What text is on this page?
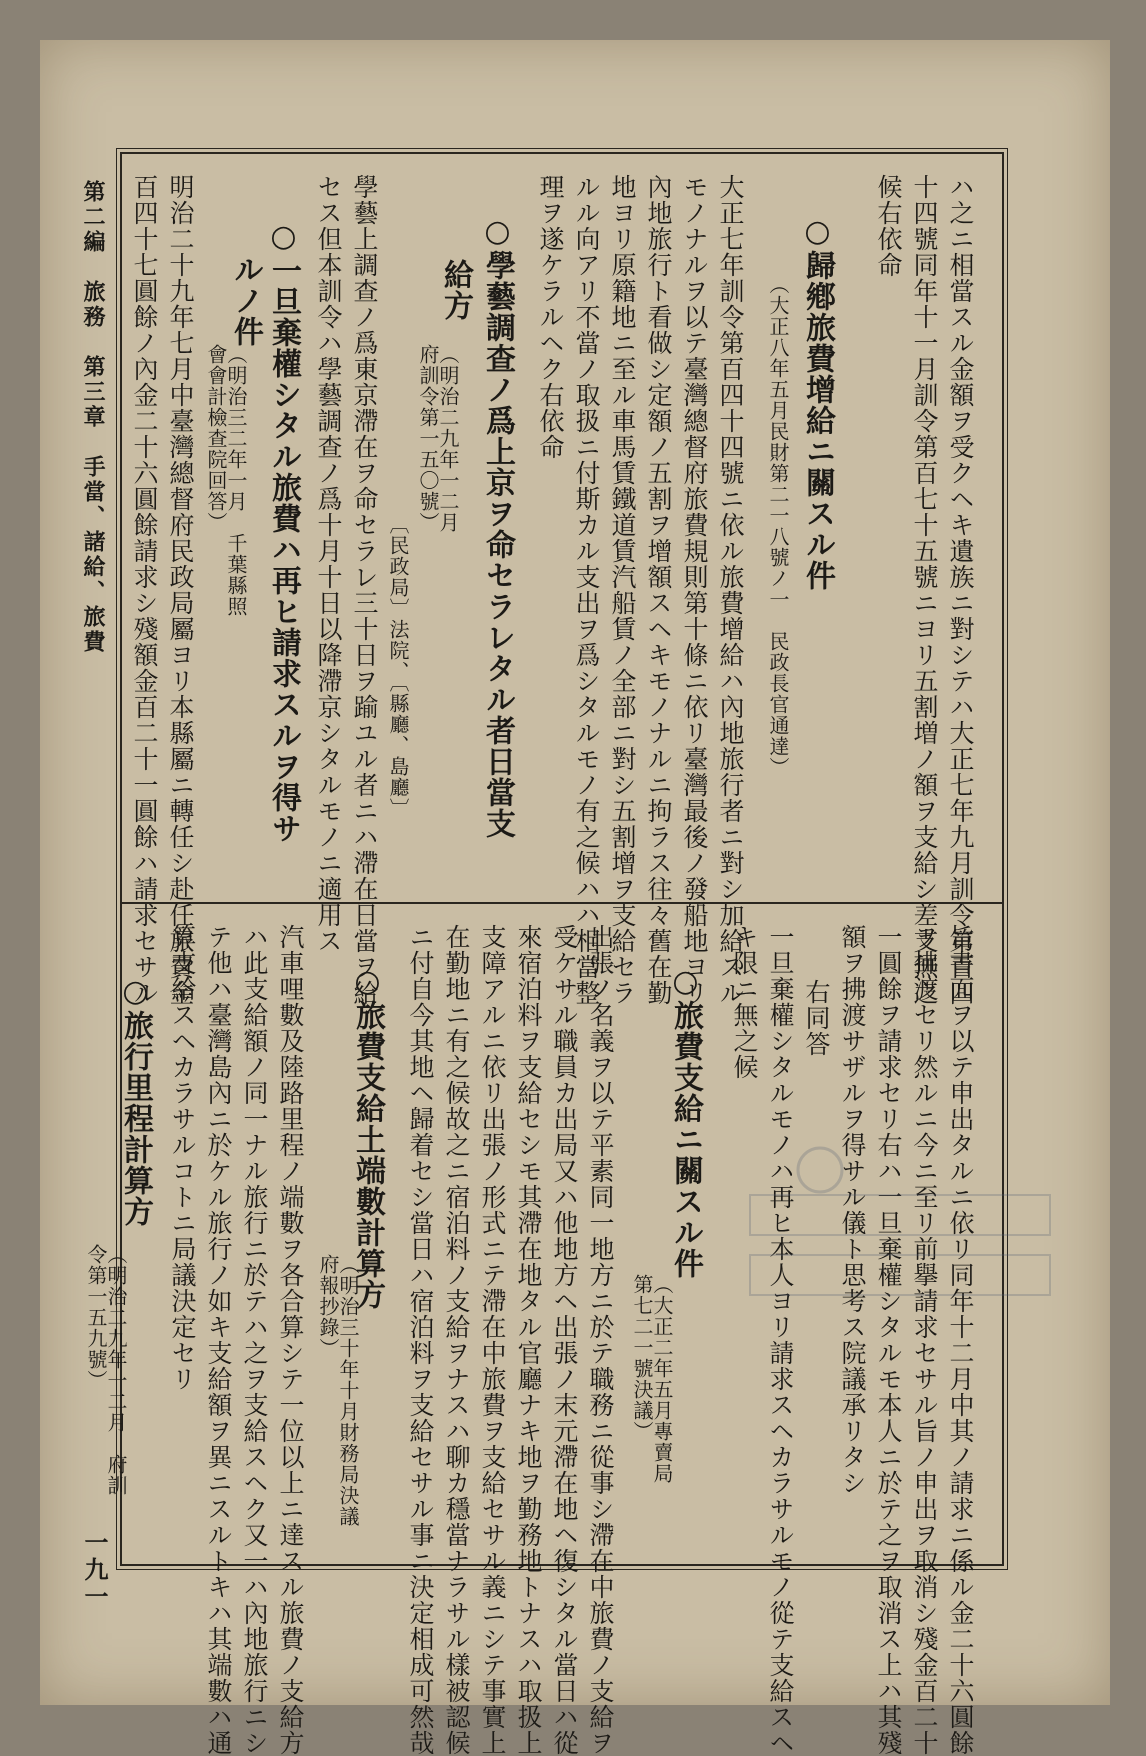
ハ之ニ相當スル金額ヲ受クヘキ遺族ニ對シテハ大正七年九月訓令第百四
十四號同年十一月訓令第百七十五號ニヨリ五割増ノ額ヲ支給シ差支無之
候右依命
○歸鄕旅費增給ニ關スル件
（大正八年五月民財第二一八號ノ一　民政長官通達）
大正七年訓令第百四十四號ニ依ル旅費增給ハ內地旅行者ニ對シ加給スル
モノナルヲ以テ臺灣總督府旅費規則第十條ニ依リ臺灣最後ノ發船地ヨリ
內地旅行ト看做シ定額ノ五割ヲ增額スヘキモノナルニ拘ラス往々舊在勤
地ヨリ原籍地ニ至ル車馬賃鐵道賃汽船賃ノ全部ニ對シ五割增ヲ支給セラ
ルル向アリ不當ノ取扱ニ付斯カル支出ヲ爲シタルモノ有之候ハハ相當整
理ヲ遂ケラルヘク右依命
○學藝調查ノ爲上京ヲ命セラレタル者日當支
給方
（明治二九年一二月　府訓令第一五〇號）
〔民政局〕法院、〔縣廳、島廳〕
學藝上調查ノ爲東京滯在ヲ命セラレ三十日ヲ踰ユル者ニハ滯在日當ヲ給
セス但本訓令ハ學藝調查ノ爲十月十日以降滯京シタルモノニ適用ス
○一旦棄權シタル旅費ハ再ヒ請求スルヲ得サ
ルノ件
（明治三二年一月　千葉縣照會會計檢查院回答）
明治二十九年七月中臺灣總督府民政局屬ヨリ本縣屬ニ轉任シ赴任旅費金
百四十七圓餘ノ內金二十六圓餘請求シ殘額金百二十一圓餘ハ請求セサル
旨書面ヲ以テ申出タルニ依リ同年十二月中其ノ請求ニ係ル金二十六圓餘
ヲ拂渡セリ然ルニ今ニ至リ前擧請求セサル旨ノ申出ヲ取消シ殘金百二十
一圓餘ヲ請求セリ右ハ一旦棄權シタルモ本人ニ於テ之ヲ取消ス上ハ其殘
額ヲ拂渡サザルヲ得サル儀ト思考ス院議承リタシ
右同答
一旦棄權シタルモノハ再ヒ本人ヨリ請求スヘカラサルモノ從テ支給スヘ
キ限ニ無之候
○旅費支給ニ關スル件
（大正二年五月專賣局第七二一號決議）
出張ノ名義ヲ以テ平素同一地方ニ於テ職務ニ從事シ滯在中旅費ノ支給ヲ
受ケサル職員カ出局又ハ他地方ヘ出張ノ末元滯在地ヘ復シタル當日ハ從
來宿泊料ヲ支給セシモ其滯在地タル官廳ナキ地ヲ勤務地トナスハ取扱上
支障アルニ依リ出張ノ形式ニテ滯在中旅費ヲ支給セサル義ニシテ事實上
在勤地ニ有之候故之ニ宿泊料ノ支給ヲナスハ聊カ穩當ナラサル樣被認候
ニ付自今其地ヘ歸着セシ當日ハ宿泊料ヲ支給セサル事ニ決定相成可然哉
○旅費支給土端數計算方
（明治三十年十月財務局決議　府報抄錄）
汽車哩數及陸路里程ノ端數ヲ各合算シテ一位以上ニ達スル旅費ノ支給方
ハ此支給額ノ同一ナル旅行ニ於テハ之ヲ支給スヘク又一ハ內地旅行ニシ
テ他ハ臺灣島內ニ於ケル旅行ノ如キ支給額ヲ異ニスルトキハ其端數ハ通
算支給スヘカラサルコトニ局議決定セリ
○旅行里程計算方
（明治二九年一二月　府訓令第一五九號）
第二編　旅務　第三章　手當、諸給、旅費
一九一
